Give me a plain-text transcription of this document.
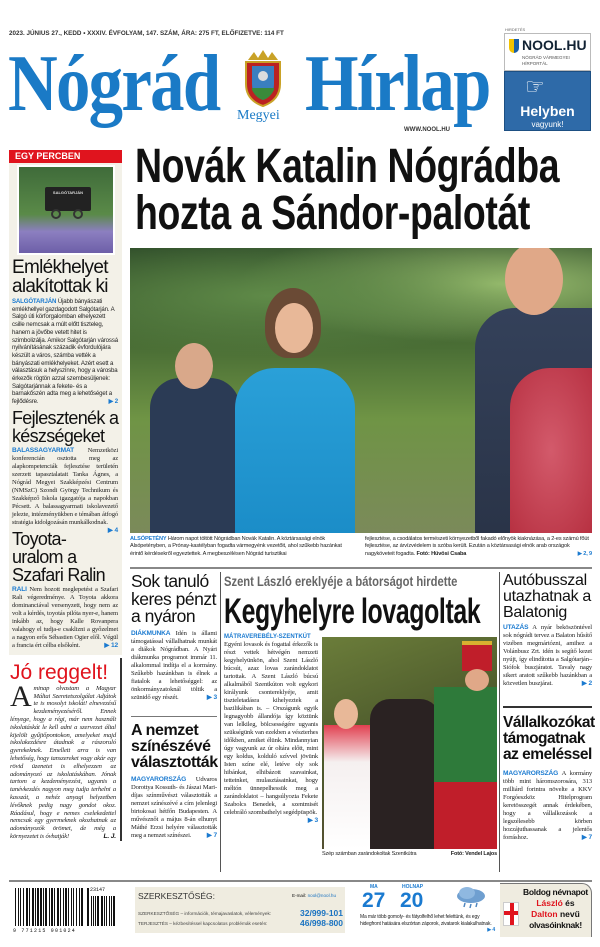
2023. JÚNIUS 27., KEDD • XXXIV. ÉVFOLYAM, 147. SZÁM, ÁRA: 275 FT, ELŐFIZETVE: 114 FT
Nógrád Megyei Hírlap
WWW.NOOL.HU
HIRDETÉS
NOOL.HU
NÓGRÁD VÁRMEGYEI HÍRPORTÁL
☞
Helyben
vagyunk!
EGY PERCBEN
SALGÓTARJÁN
Emlékhelyet alakítottak ki
SALGÓTARJÁN Újabb bányászati emlékhellyel gazdagodott Salgótarján. A Salgó úti körforgalomban elhelyezett csille nemcsak a múlt előtt tiszteleg, hanem a jövőbe vetett hitet is szimbolizálja. Amikor Salgótarján várossá nyilvánításának századik évfordulójára készült a város, számba vették a bányászati emlékhelyeket. Azért esett a választásuk a helyszínre, hogy a városba érkezők rögtön azzal szembesüljenek: Salgótarjánnak a fekete- és a barnakőszén adta meg a lehetőséget a fejlődésre.	▶ 2
Fejlesztenék a készségeket
BALASSAGYARMAT Nemzetközi konferencián osztotta meg az alapkompetenciák fejlesztése területén szerzett tapasztalatait Tanka Ágnes, a Nógrád Megyei Szakképzési Centrum (NMSzC) Szondi György Technikum és Szakképző Iskola igazgatója a napokban Pécsett. A balassagyarmati iskolavezető jelezte, intézményükben e témában átfogó stratégia kidolgozásán munkálkodnak.
▶ 4
Toyota-uralom a Szafari Ralin
RALI Nem hozott meglepetést a Szafari Rali végeredménye. A Toyota akkora dominanciával versenyzett, hogy nem az volt a kérdés, toyotás pilóta nyer-e, hanem inkább az, hogy Kalle Rovanpera valahogy el tudja-e csaklizni a győzelmet a nagyon erős Sébastien Ogier elől. Végül a francia ért célba elsőként.	▶ 12
Jó reggelt!
Aminap olvastam a Magyar Máltai Szeretetszolgálat Adjátok te is mosolyt iskolát! elnevezésű kezdeményezéséről. Ennek lényege, hogy a régi, már nem használt iskolatáskát le kell adni a szervezet által kijelölt gyűjtőpontokon, amelyeket majd iskolakezdésre átadnak a rászoruló gyerekeknek. Emellett arra is van lehetőség, hogy tanszereket vagy akár egy rövid üzenetet is elhelyezzen az adományozó az iskolatáskában. Jónak tartom a kezdeményezést, ugyanis a tanévkezdés nagyon meg tudja terhelni a kasszát, a nehéz anyagi helyzetben lévőknek pedig nagy gondot okoz. Ráadásul, hogy e nemes cselekedettel nemcsak egy gyermeknek okozhatnak az adományozók örömet, de még a környezetet is óvhatják!	L. J.
Novák Katalin Nógrádba
hozta a Sándor-palotát
ALSÓPETÉNY Három napot töltött Nógrádban Novák Katalin. A köztársasági elnök Alsópetényben, a Prónay-kastélyban fogadta vármegyénk vezetőit, ahol szűkebb hazánkat érintő kérdésekről egyeztettek. A megbeszélésen Nógrád turisztikai
fejlesztése, a csodálatos természeti környezetből fakadó előnyök kiaknázása, a 2-es számú főút fejlesztése, az árvízvédelem is szóba került. Ezután a köztársasági elnök arab országok nagyköveteit fogadta. Fotó: Hüvösi Csaba	▶ 2, 9
Sok tanuló keres pénzt a nyáron
DIÁKMUNKA Idén is állami támogatással vállalhatnak munkát a diákok Nógrádban. A Nyári diákmunka programot immár 11. alkalommal indítja el a kormány. Szűkebb hazánkban is élnek a fiatalok a lehetőséggel: az önkormányzatoknál töltik a szünidő egy részét.	▶ 3
A nemzet színészévé választották
MAGYARORSZÁG Udvaros Dorottya Kossuth- és Jászai Mari-díjas színművészt választották a nemzet színészévé a cím jelenlegi birtokosai hétfőn Budapesten. A művésznőt a május 8-án elhunyt Máthé Erzsi helyére választották meg a nemzet színészei. ▶ 7
Szent László ereklyéje a bátorságot hirdette
Kegyhelyre lovagoltak
MÁTRAVEREBÉLY-SZENTKÚT
Egyéni lovasok és fogattal érkezők is részt vettek hétvégén nemzeti kegyhelyünkön, ahol Szent László búcsút, azaz lovas zarándoklatot tartottak. A Szent László búcsú alkalmából Szentkúton volt egykori királyunk csontereklyéje, amit tiszteletadásra kihelyeztek a bazilikában is. – Országunk egyik legnagyobb állandója így köztünk van lelkileg, bölcsességére ugyanis szükségünk van ezekben a vészterhes időkben, amiket élünk. Mindannyian úgy vagyunk az úr oltára előtt, mint egy koldus, kolduló szívvel jövünk Isten színe elé, letéve oly sok hibánkat, elhibázott szavainkat, tetteinket, mulasztásainkat, hogy méltón ünnepelhessük meg a zarándoklatot – hangsúlyozta Fekete Szabolcs Benedek, a szentmisét celebráló szombathelyi segédpüspök.
▶ 3
Szép számban zarándokoltak Szentkútra	Fotó: Vendel Lajos
Autóbusszal utazhatnak a Balatonig
UTAZÁS A nyár beköszöntével sok nógrádi tervez a Balaton hűsítő vizében megmártózni, amihez a Volánbusz Zrt. idén is segítő kezet nyújt, így elindította a Salgótarján–Siófok buszjáratot. Tavaly nagy sikert aratott szűkebb hazánkban a közvetlen buszjárat.	▶ 2
Vállalkozókat támogatnak az emeléssel
MAGYARORSZÁG A kormány több mint háromszorosára, 313 milliárd forintra növelte a KKV Forgóeszköz Hitelprogram keretösszegét annak érdekében, hogy a vállalkozások a legszélesebb körben hozzájuthassanak a jelentős forráshoz.	▶ 7
23147
9 771215 901024
SZERKESZTŐSÉG:	E-mail: nool@nool.hu
SZERKESZTŐSÉG – információk, témajavaslatok, vélemények:	32/999-101
TERJESZTÉS – kézbesítéssel kapcsolatos problémák esetén:	46/998-800
MA
27
HOLNAP
20
Ma már több gomoly- és fátyolfelhő lehet felettünk, és egy hidegfront hatására elszórtan záporok, zivatarok kialakulhatnak.
▶ 4
Boldog névnapot
László és
Dalton nevű
olvasóinknak!
